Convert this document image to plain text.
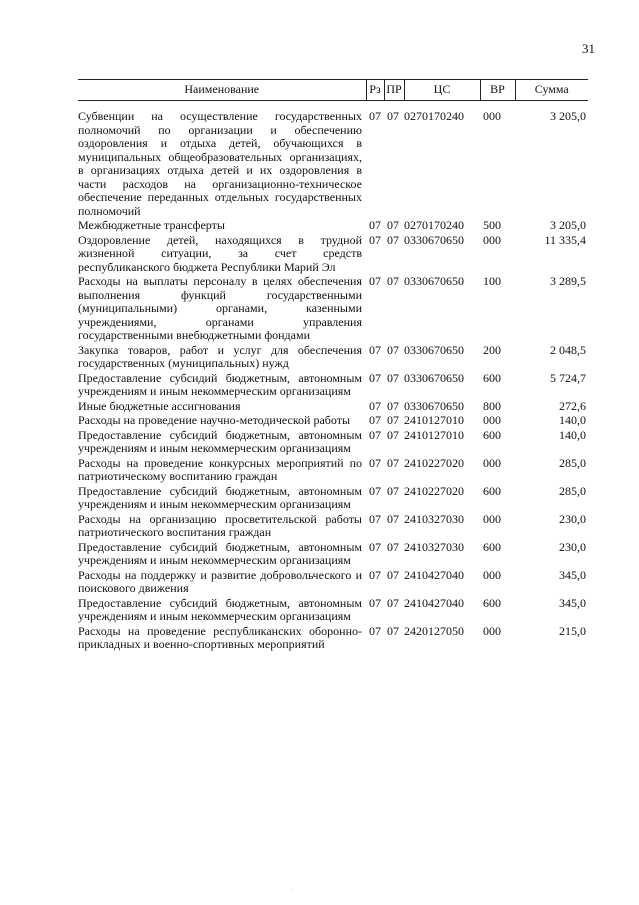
31
Наименование	Рз	ПР	ЦС	ВР	Сумма
Субвенции на осуществление государственных полномочий по организации и обеспечению оздоровления и отдыха детей, обучающихся в муниципальных общеобразовательных организациях, в организациях отдыха детей и их оздоровления в части расходов на организационно-техническое обеспечение переданных отдельных государственных полномочий	07	07	0270170240	000	3 205,0
Межбюджетные трансферты	07	07	0270170240	500	3 205,0
Оздоровление детей, находящихся в трудной жизненной ситуации, за счет средств республиканского бюджета Республики Марий Эл	07	07	0330670650	000	11 335,4
Расходы на выплаты персоналу в целях обеспечения выполнения функций государственными (муниципальными) органами, казенными учреждениями, органами управления государственными внебюджетными фондами	07	07	0330670650	100	3 289,5
Закупка товаров, работ и услуг для обеспечения государственных (муниципальных) нужд	07	07	0330670650	200	2 048,5
Предоставление субсидий бюджетным, автономным учреждениям и иным некоммерческим организациям	07	07	0330670650	600	5 724,7
Иные бюджетные ассигнования	07	07	0330670650	800	272,6
Расходы на проведение научно-методической работы	07	07	2410127010	000	140,0
Предоставление субсидий бюджетным, автономным учреждениям и иным некоммерческим организациям	07	07	2410127010	600	140,0
Расходы на проведение конкурсных мероприятий по патриотическому воспитанию граждан	07	07	2410227020	000	285,0
Предоставление субсидий бюджетным, автономным учреждениям и иным некоммерческим организациям	07	07	2410227020	600	285,0
Расходы на организацию просветительской работы патриотического воспитания граждан	07	07	2410327030	000	230,0
Предоставление субсидий бюджетным, автономным учреждениям и иным некоммерческим организациям	07	07	2410327030	600	230,0
Расходы на поддержку и развитие добровольческого и поискового движения	07	07	2410427040	000	345,0
Предоставление субсидий бюджетным, автономным учреждениям и иным некоммерческим организациям	07	07	2410427040	600	345,0
Расходы на проведение республиканских оборонно-прикладных и военно-спортивных мероприятий	07	07	2420127050	000	215,0
.
